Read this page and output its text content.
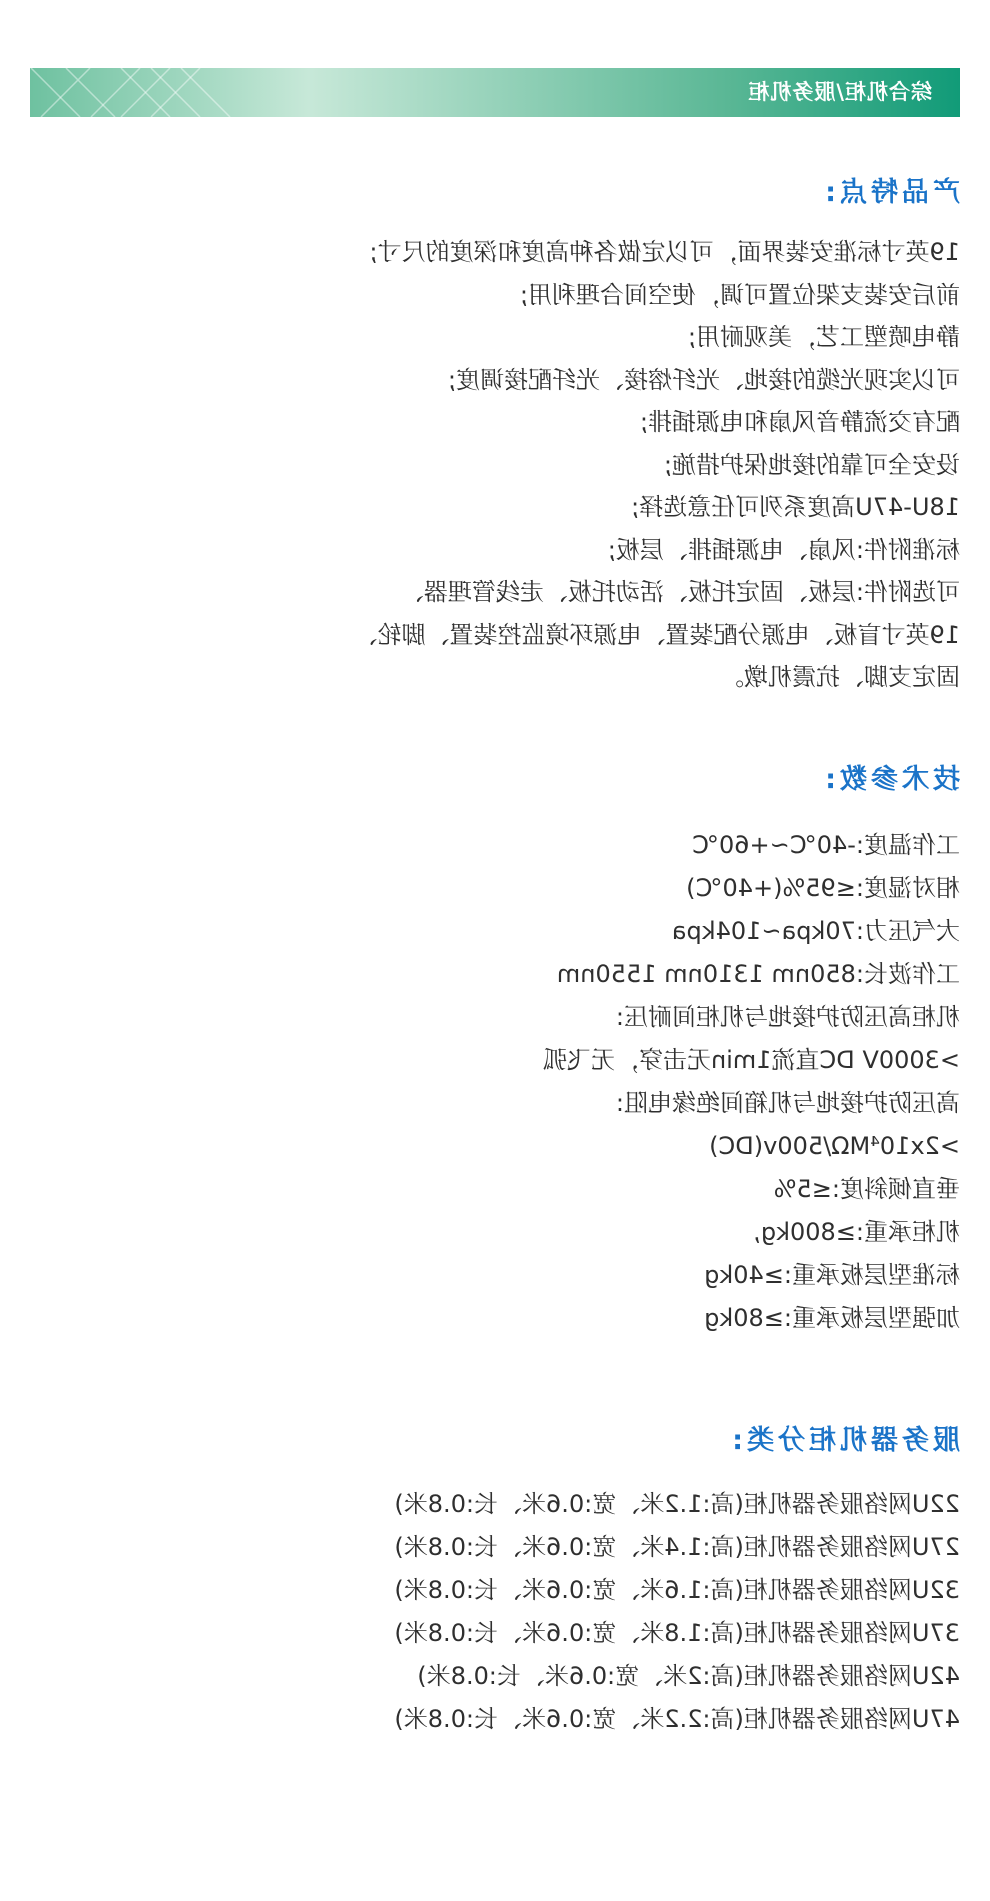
综合机柜/服务机柜
产品特点:
19英寸标准安装界面，可以定做各种高度和深度的尺寸;
前后安装支架位置可调，使空间合理利用;
静电喷塑工艺，美观耐用;
可以实现光缆的接地、光纤熔接、光纤配接调度;
配有交流静音风扇和电源插排;
设安全可靠的接地保护措施;
18U-47U高度系列可任意选择;
标准附件:风扇、电源插排、层板;
可选附件:层板、固定托板、活动托板、走线管理器、
19英寸盲板、电源分配装置、电源环境监控装置、脚轮、
固定支脚、抗震机墩。
技术参数:
工作温度:-40℃~+60℃
相对湿度:≤95%(+40℃)
大气压力:70kpa~104kpa
工作波长:850nm 1310nm 1550nm
机柜高压防护接地与机柜间耐压:
>3000V DC直流1min无击穿，无飞弧
高压防护接地与机箱间绝缘电阻:
>2x10⁴MΩ/500v(DC)
垂直倾斜度:≤5%
机柜承重:≥800kg,
标准型层板承重:≥40kg
加强型层板承重:≥80kg
服务器机柜分类:
22U网络服务器机柜(高:1.2米、宽:0.6米、长:0.8米)
27U网络服务器机柜(高:1.4米、宽:0.6米、长:0.8米)
32U网络服务器机柜(高:1.6米、宽:0.6米、长:0.8米)
37U网络服务器机柜(高:1.8米、宽:0.6米、长:0.8米)
42U网络服务器机柜(高:2米、宽:0.6米、长:0.8米)
47U网络服务器机柜(高:2.2米、宽:0.6米、长:0.8米)
